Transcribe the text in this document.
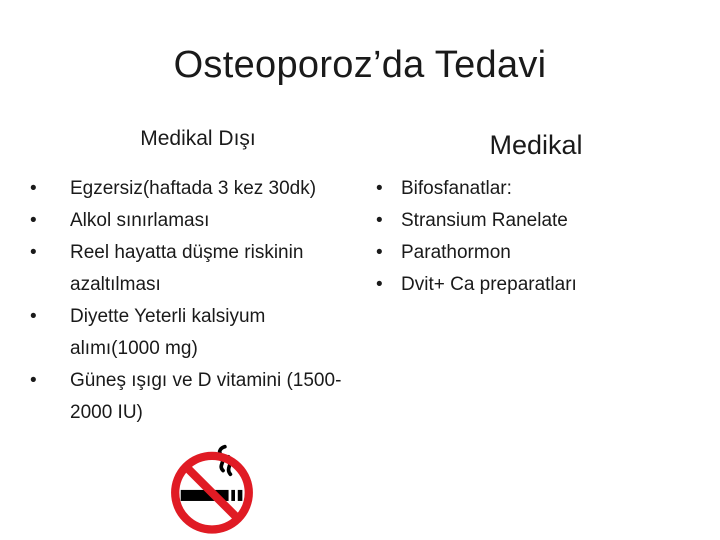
Osteoporoz’da Tedavi
Medikal Dışı	Medikal
•	Egzersiz(haftada 3 kez 30dk)
•	Alkol sınırlaması
•	Reel hayatta düşme riskinin azaltılması
•	Diyette Yeterli kalsiyum alımı(1000 mg)
•	Güneş ışıgı ve D vitamini (1500-2000 IU)
• Bifosfanatlar:
• Stransium Ranelate
• Parathormon
• Dvit+ Ca preparatları
